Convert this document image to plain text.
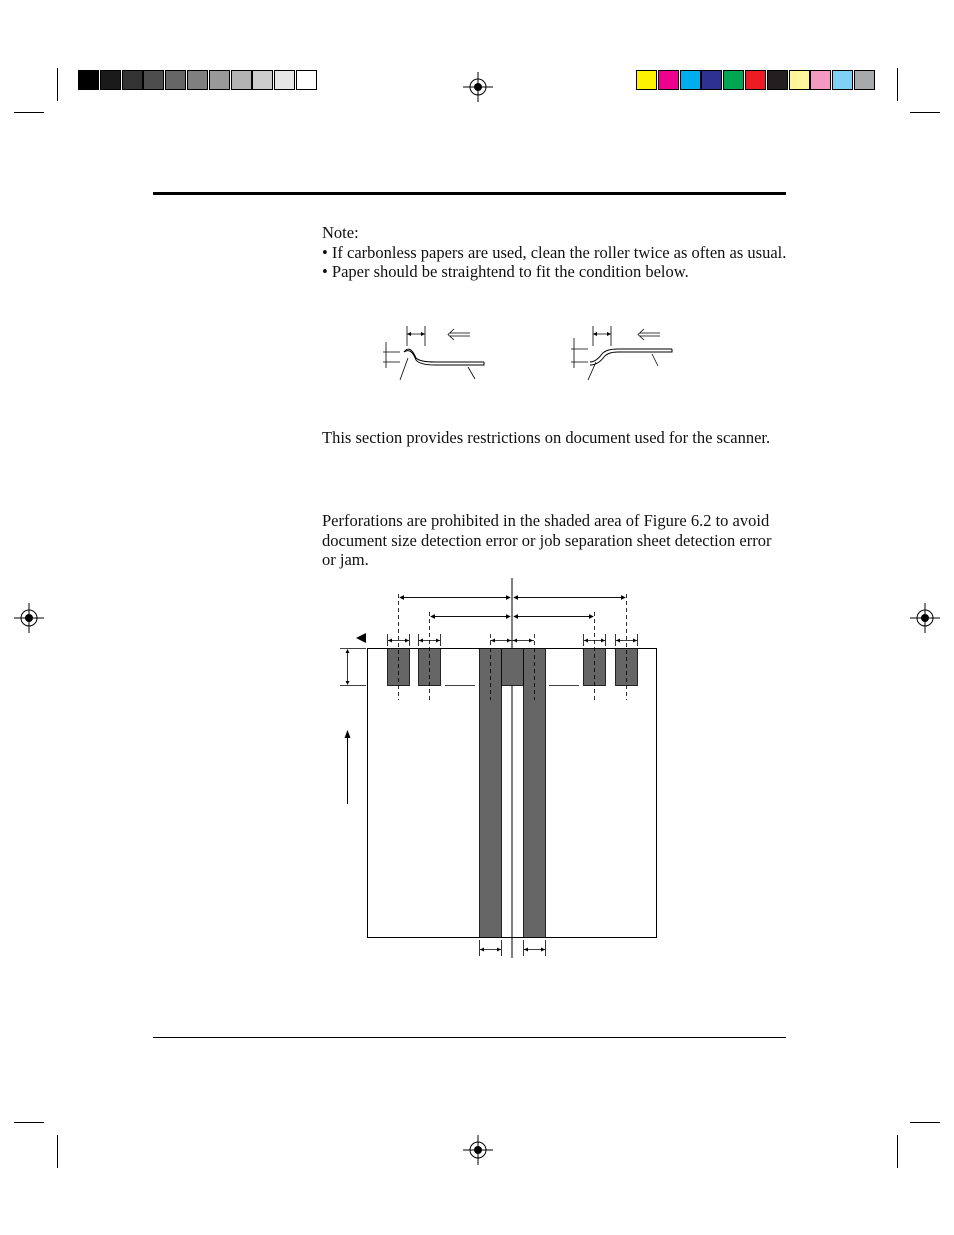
Note:
• If carbonless papers are used, clean the roller twice as often as usual.
• Paper should be straightend to fit the condition below.
This section provides restrictions on document used for the scanner.
Perforations are prohibited in the shaded area of Figure 6.2 to avoid
document size detection error or job separation sheet detection error
or jam.
